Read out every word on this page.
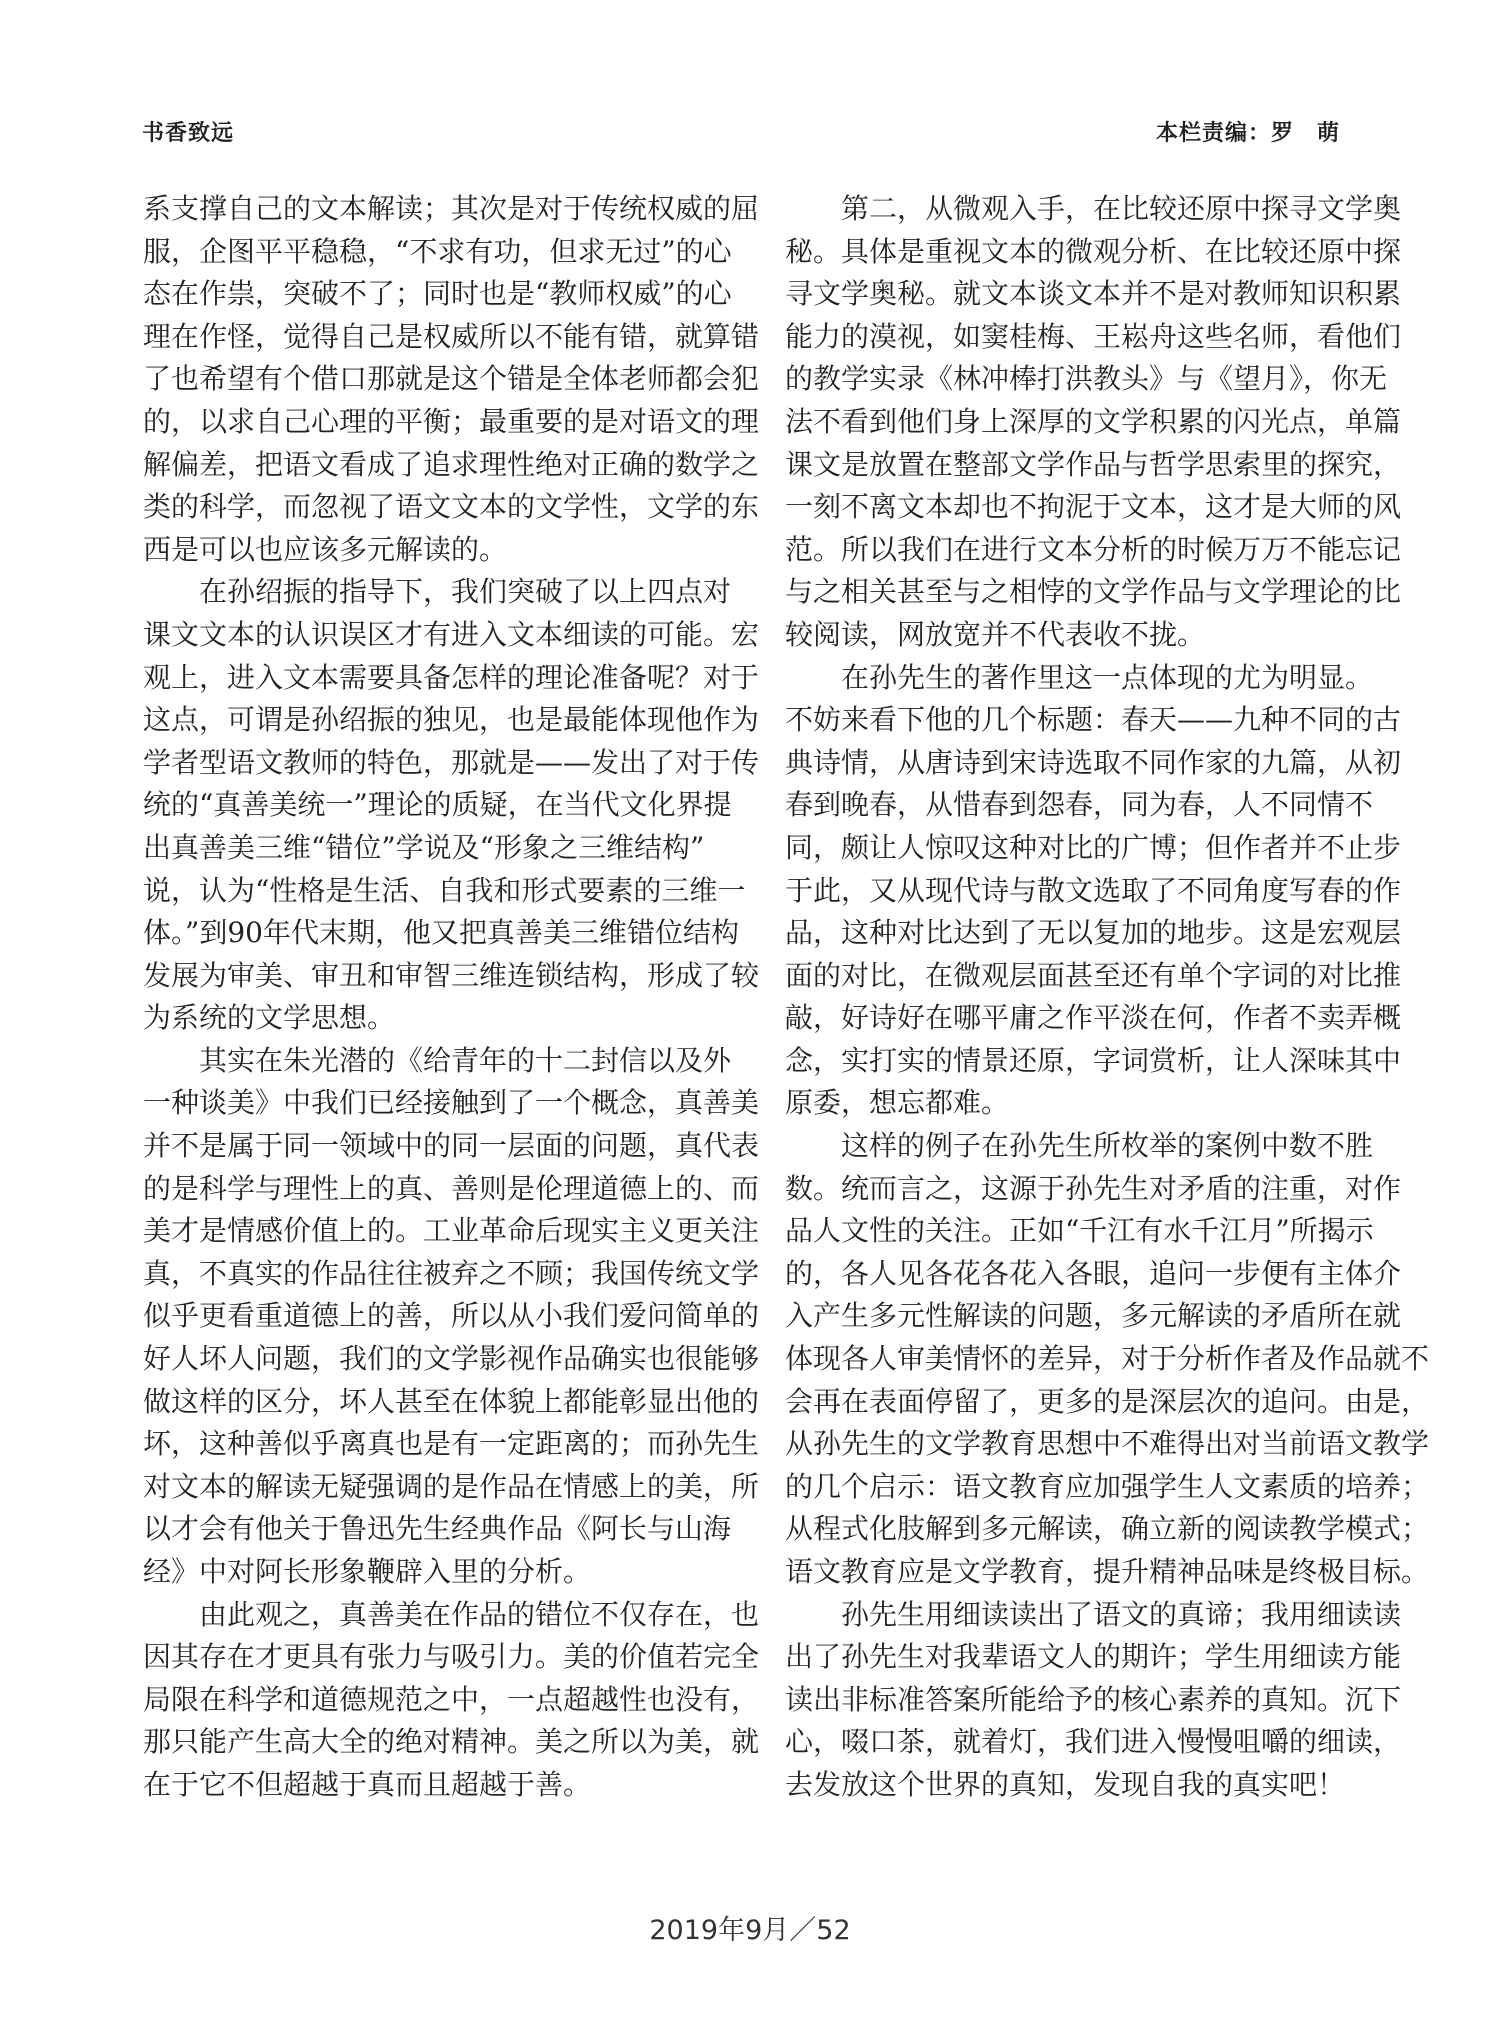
书香致远	本栏责编：罗　萌
系支撑自己的文本解读；其次是对于传统权威的屈
服，企图平平稳稳，“不求有功，但求无过”的心
态在作祟，突破不了；同时也是“教师权威”的心
理在作怪，觉得自己是权威所以不能有错，就算错
了也希望有个借口那就是这个错是全体老师都会犯
的，以求自己心理的平衡；最重要的是对语文的理
解偏差，把语文看成了追求理性绝对正确的数学之
类的科学，而忽视了语文文本的文学性，文学的东
西是可以也应该多元解读的。
在孙绍振的指导下，我们突破了以上四点对
课文文本的认识误区才有进入文本细读的可能。宏
观上，进入文本需要具备怎样的理论准备呢？对于
这点，可谓是孙绍振的独见，也是最能体现他作为
学者型语文教师的特色，那就是——发出了对于传
统的“真善美统一”理论的质疑，在当代文化界提
出真善美三维“错位”学说及“形象之三维结构”
说，认为“性格是生活、自我和形式要素的三维一
体。”到90年代末期，他又把真善美三维错位结构
发展为审美、审丑和审智三维连锁结构，形成了较
为系统的文学思想。
其实在朱光潜的《给青年的十二封信以及外
一种谈美》中我们已经接触到了一个概念，真善美
并不是属于同一领域中的同一层面的问题，真代表
的是科学与理性上的真、善则是伦理道德上的、而
美才是情感价值上的。工业革命后现实主义更关注
真，不真实的作品往往被弃之不顾；我国传统文学
似乎更看重道德上的善，所以从小我们爱问简单的
好人坏人问题，我们的文学影视作品确实也很能够
做这样的区分，坏人甚至在体貌上都能彰显出他的
坏，这种善似乎离真也是有一定距离的；而孙先生
对文本的解读无疑强调的是作品在情感上的美，所
以才会有他关于鲁迅先生经典作品《阿长与山海
经》中对阿长形象鞭辟入里的分析。
由此观之，真善美在作品的错位不仅存在，也
因其存在才更具有张力与吸引力。美的价值若完全
局限在科学和道德规范之中，一点超越性也没有，
那只能产生高大全的绝对精神。美之所以为美，就
在于它不但超越于真而且超越于善。
第二，从微观入手，在比较还原中探寻文学奥
秘。具体是重视文本的微观分析、在比较还原中探
寻文学奥秘。就文本谈文本并不是对教师知识积累
能力的漠视，如窦桂梅、王崧舟这些名师，看他们
的教学实录《林冲棒打洪教头》与《望月》，你无
法不看到他们身上深厚的文学积累的闪光点，单篇
课文是放置在整部文学作品与哲学思索里的探究，
一刻不离文本却也不拘泥于文本，这才是大师的风
范。所以我们在进行文本分析的时候万万不能忘记
与之相关甚至与之相悖的文学作品与文学理论的比
较阅读，网放宽并不代表收不拢。
在孙先生的著作里这一点体现的尤为明显。
不妨来看下他的几个标题：春天——九种不同的古
典诗情，从唐诗到宋诗选取不同作家的九篇，从初
春到晚春，从惜春到怨春，同为春，人不同情不
同，颇让人惊叹这种对比的广博；但作者并不止步
于此，又从现代诗与散文选取了不同角度写春的作
品，这种对比达到了无以复加的地步。这是宏观层
面的对比，在微观层面甚至还有单个字词的对比推
敲，好诗好在哪平庸之作平淡在何，作者不卖弄概
念，实打实的情景还原，字词赏析，让人深味其中
原委，想忘都难。
这样的例子在孙先生所枚举的案例中数不胜
数。统而言之，这源于孙先生对矛盾的注重，对作
品人文性的关注。正如“千江有水千江月”所揭示
的，各人见各花各花入各眼，追问一步便有主体介
入产生多元性解读的问题，多元解读的矛盾所在就
体现各人审美情怀的差异，对于分析作者及作品就不
会再在表面停留了，更多的是深层次的追问。由是，
从孙先生的文学教育思想中不难得出对当前语文教学
的几个启示：语文教育应加强学生人文素质的培养；
从程式化肢解到多元解读，确立新的阅读教学模式；
语文教育应是文学教育，提升精神品味是终极目标。
孙先生用细读读出了语文的真谛；我用细读读
出了孙先生对我辈语文人的期许；学生用细读方能
读出非标准答案所能给予的核心素养的真知。沉下
心，啜口茶，就着灯，我们进入慢慢咀嚼的细读，
去发放这个世界的真知，发现自我的真实吧！
2019年9月／52
